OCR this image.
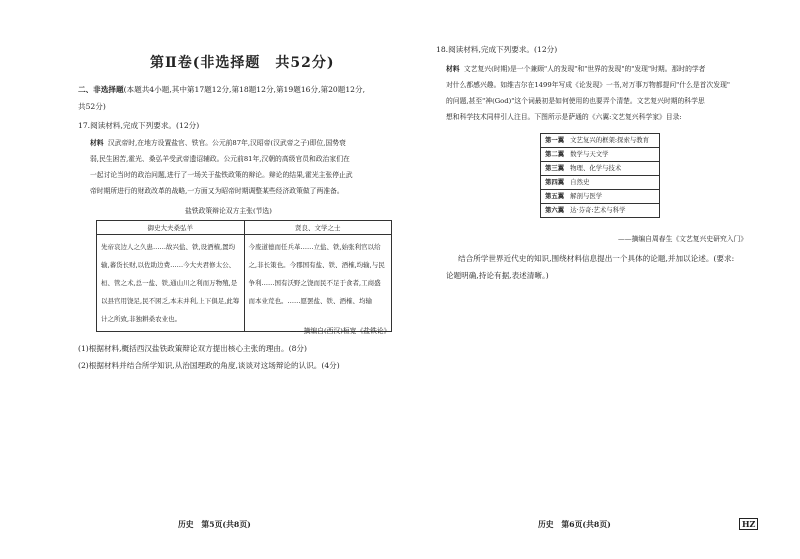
第Ⅱ卷(非选择题　共52分)
二、非选择题(本题共4小题,其中第17题12分,第18题12分,第19题16分,第20题12分,
共52分)
17.阅读材料,完成下列要求。(12分)
材料 汉武帝时,在地方设置盐官、铁官。公元前87年,汉昭帝(汉武帝之子)即位,国势衰
弱,民生困苦,霍光、桑弘羊受武帝遗诏辅政。公元前81年,汉朝的高级官员和政治家们在
一起讨论当时的政治问题,进行了一场关于盐铁政策的辩论。辩论的结果,霍光主张停止武
帝时期所进行的财政改革的战略,一方面又为昭帝时期调整某些经济政策做了两准备。
盐铁政策辩论双方主张(节选)
御史大夫桑弘羊	贤良、文学之士

先帝哀边人之久患……故兴盐、铁,设酒榷,置均输,蕃货长财,以佐助边费……今大夫君修太公、桓、管之术,总一盐、铁,通山川之利而万物殖,是以县官用饶足,民不困乏,本末并利,上下俱足,此筹计之所致,非独耕桑农业也。	今废道德而任兵革……立盐、铁,始张利官以给之,非长策也。今郡国有盐、铁、酒榷,均输,与民争利……国有沃野之饶而民不足于食者,工商盛而本业荒也。……愿罢盐、铁、酒榷、均输
——摘编自(西汉)桓宽《盐铁论》
(1)根据材料,概括西汉盐铁政策辩论双方提出核心主张的理由。(8分)
(2)根据材料并结合所学知识,从治国理政的角度,谈谈对这场辩论的认识。(4分)
历史　第5页(共8页)
18.阅读材料,完成下列要求。(12分)
材料 文艺复兴(时期)是一个兼顾"人的发现"和"世界的发现"的"发现"时期。那时的学者
对什么都感兴趣。如维吉尔在1499年写成《论发现》一书,对万事万物都提问"什么是首次发现"
的问题,甚至"神(God)"这个词最初是如何使用的也要弄个清楚。文艺复兴时期的科学思
想和科学技术同样引人注目。下图所示是萨通的《六翼:文艺复兴科学家》目录:
第一翼 文艺复兴的框架:探索与教育
第二翼 数学与天文学
第三翼 物理、化学与技术
第四翼 自然史
第五翼 解剖与医学
第六翼 达·芬奇:艺术与科学
——摘编自周春生《文艺复兴史研究入门》
结合所学世界近代史的知识,围绕材料信息提出一个具体的论题,并加以论述。(要求:
论题明确,持论有据,表述清晰。)
历史　第6页(共8页)	HZ
